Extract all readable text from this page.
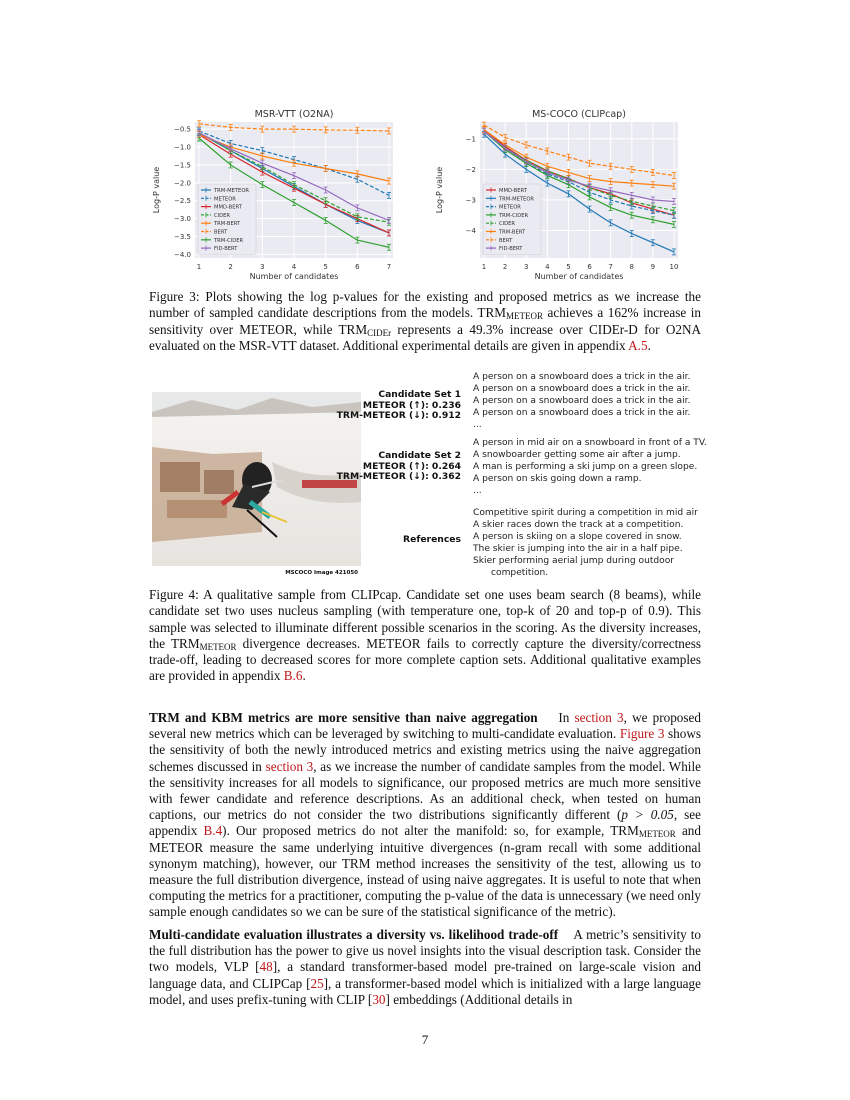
−0.5
−1.0
−1.5
−2.0
−2.5
−3.0
−3.5
−4.0
1	2	3	4	5	6	7
MSR-VTT (O2NA)
Number of candidates
Log-P value	TRM-METEOR
METEOR
MMD-BERT
CIDER
TRM-BERT
BERT
TRM-CIDER
FID-BERT
−1
−2
−3
−4
1 2 3 4 5 6 7 8 9 10
MS-COCO (CLIPcap)
Number of candidates
Log-P value	MMD-BERT
TRM-METEOR
METEOR
TRM-CIDER
CIDER
TRM-BERT
BERT
FID-BERT
Figure 3: Plots showing the log p-values for the existing and proposed metrics as we increase the number of sampled candidate descriptions from the models. $TRM_{METEOR}$ achieves a 162% increase in sensitivity over METEOR, while $TRM_{CIDEr}$ represents a 49.3% increase over CIDEr-D for O2NA evaluated on the MSR-VTT dataset. Additional experimental details are given in appendix A.5.
MSCOCO Image 421050
Candidate Set 1
METEOR (↑): 0.236
TRM-METEOR (↓): 0.912
A person on a snowboard does a trick in the air.
A person on a snowboard does a trick in the air.
A person on a snowboard does a trick in the air.
A person on a snowboard does a trick in the air.
...
Candidate Set 2
METEOR (↑): 0.264
TRM-METEOR (↓): 0.362
A person in mid air on a snowboard in front of a TV.
A snowboarder getting some air after a jump.
A man is performing a ski jump on a green slope.
A person on skis going down a ramp.
...
References
Competitive spirit during a competition in mid air
A skier races down the track at a competition.
A person is skiing on a slope covered in snow.
The skier is jumping into the air in a half pipe.
Skier performing aerial jump during outdoor
competition.
Figure 4: A qualitative sample from CLIPcap. Candidate set one uses beam search (8 beams), while candidate set two uses nucleus sampling (with temperature one, top-k of 20 and top-p of 0.9). This sample was selected to illuminate different possible scenarios in the scoring. As the diversity increases, the $TRM_{METEOR}$ divergence decreases. METEOR fails to correctly capture the diversity/correctness trade-off, leading to decreased scores for more complete caption sets. Additional qualitative examples are provided in appendix B.6.
TRM and KBM metrics are more sensitive than naive aggregation In section 3, we proposed several new metrics which can be leveraged by switching to multi-candidate evaluation. Figure 3 shows the sensitivity of both the newly introduced metrics and existing metrics using the naive aggregation schemes discussed in section 3, as we increase the number of candidate samples from the model. While the sensitivity increases for all models to significance, our proposed metrics are much more sensitive with fewer candidate and reference descriptions. As an additional check, when tested on human captions, our metrics do not consider the two distributions significantly different (p > 0.05, see appendix B.4). Our proposed metrics do not alter the manifold: so, for example, $TRM_{METEOR}$ and METEOR measure the same underlying intuitive divergences (n-gram recall with some additional synonym matching), however, our TRM method increases the sensitivity of the test, allowing us to measure the full distribution divergence, instead of using naive aggregates. It is useful to note that when computing the metrics for a practitioner, computing the p-value of the data is unnecessary (we need only sample enough candidates so we can be sure of the statistical significance of the metric).
Multi-candidate evaluation illustrates a diversity vs. likelihood trade-off A metric’s sensitivity to the full distribution has the power to give us novel insights into the visual description task. Consider the two models, VLP [48], a standard transformer-based model pre-trained on large-scale vision and language data, and CLIPCap [25], a transformer-based model which is initialized with a large language model, and uses prefix-tuning with CLIP [30] embeddings (Additional details in
7
